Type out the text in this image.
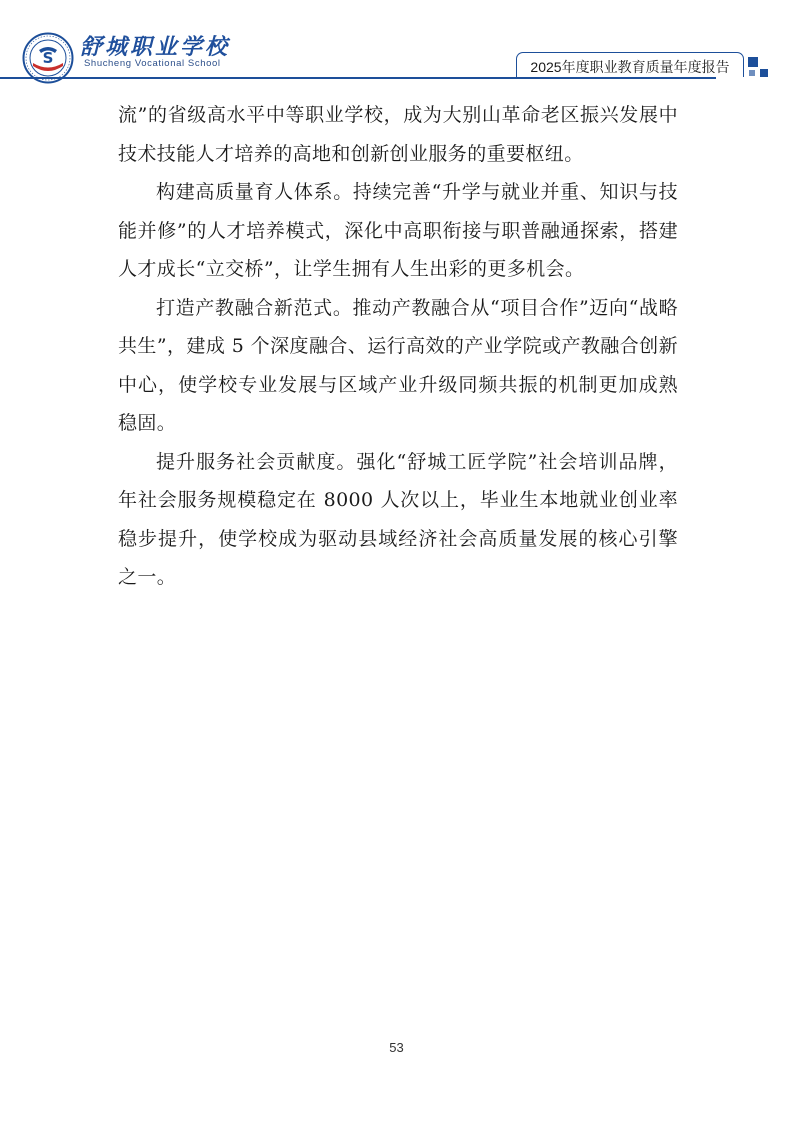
S 舒城职业学校
Shucheng Vocational School	2025年度职业教育质量年度报告

流”的省级高水平中等职业学校，成为大别山革命老区振兴发展中技术技能人才培养的高地和创新创业服务的重要枢纽。

构建高质量育人体系。持续完善“升学与就业并重、知识与技能并修”的人才培养模式，深化中高职衔接与职普融通探索，搭建人才成长“立交桥”，让学生拥有人生出彩的更多机会。

打造产教融合新范式。推动产教融合从“项目合作”迈向“战略共生”，建成 5 个深度融合、运行高效的产业学院或产教融合创新中心，使学校专业发展与区域产业升级同频共振的机制更加成熟稳固。

提升服务社会贡献度。强化“舒城工匠学院”社会培训品牌，年社会服务规模稳定在 8000 人次以上，毕业生本地就业创业率稳步提升，使学校成为驱动县域经济社会高质量发展的核心引擎之一。

53
